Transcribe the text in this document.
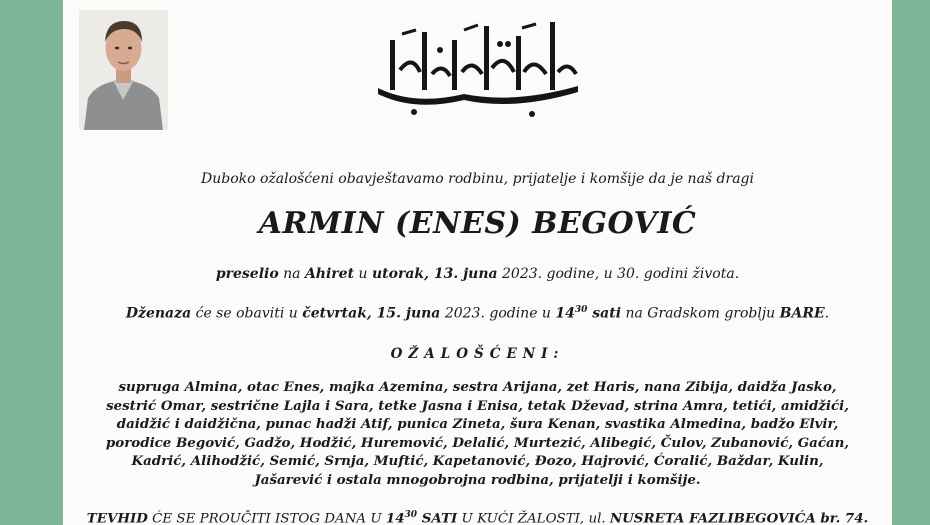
Duboko ožalošćeni obavještavamo rodbinu, prijatelje i komšije da je naš dragi
ARMIN (ENES) BEGOVIĆ
preselio na Ahiret u utorak, 13. juna 2023. godine, u 30. godini života.
Dženaza će se obaviti u četvrtak, 15. juna 2023. godine u $14^{30}$ sati na Gradskom groblju BARE.
OŽALOŠĆENI:
supruga Almina, otac Enes, majka Azemina, sestra Arijana, zet Haris, nana Zibija, daidža Jasko,
sestrić Omar, sestrične Lajla i Sara, tetke Jasna i Enisa, tetak Dževad, strina Amra, tetići, amidžići,
daidžić i daidžična, punac hadži Atif, punica Zineta, šura Kenan, svastika Almedina, badžo Elvir,
porodice Begović, Gadžo, Hodžić, Huremović, Delalić, Murtezić, Alibegić, Čulov, Zubanović, Gaćan,
Kadrić, Alihodžić, Semić, Srnja, Muftić, Kapetanović, Đozo, Hajrović, Ćoralić, Baždar, Kulin,
Jašarević i ostala mnogobrojna rodbina, prijatelji i komšije.
TEVHID ĆE SE PROUČITI ISTOG DANA U $14^{30}$ SATI U KUĆI ŽALOSTI, ul. NUSRETA FAZLIBEGOVIĆA br. 74.
